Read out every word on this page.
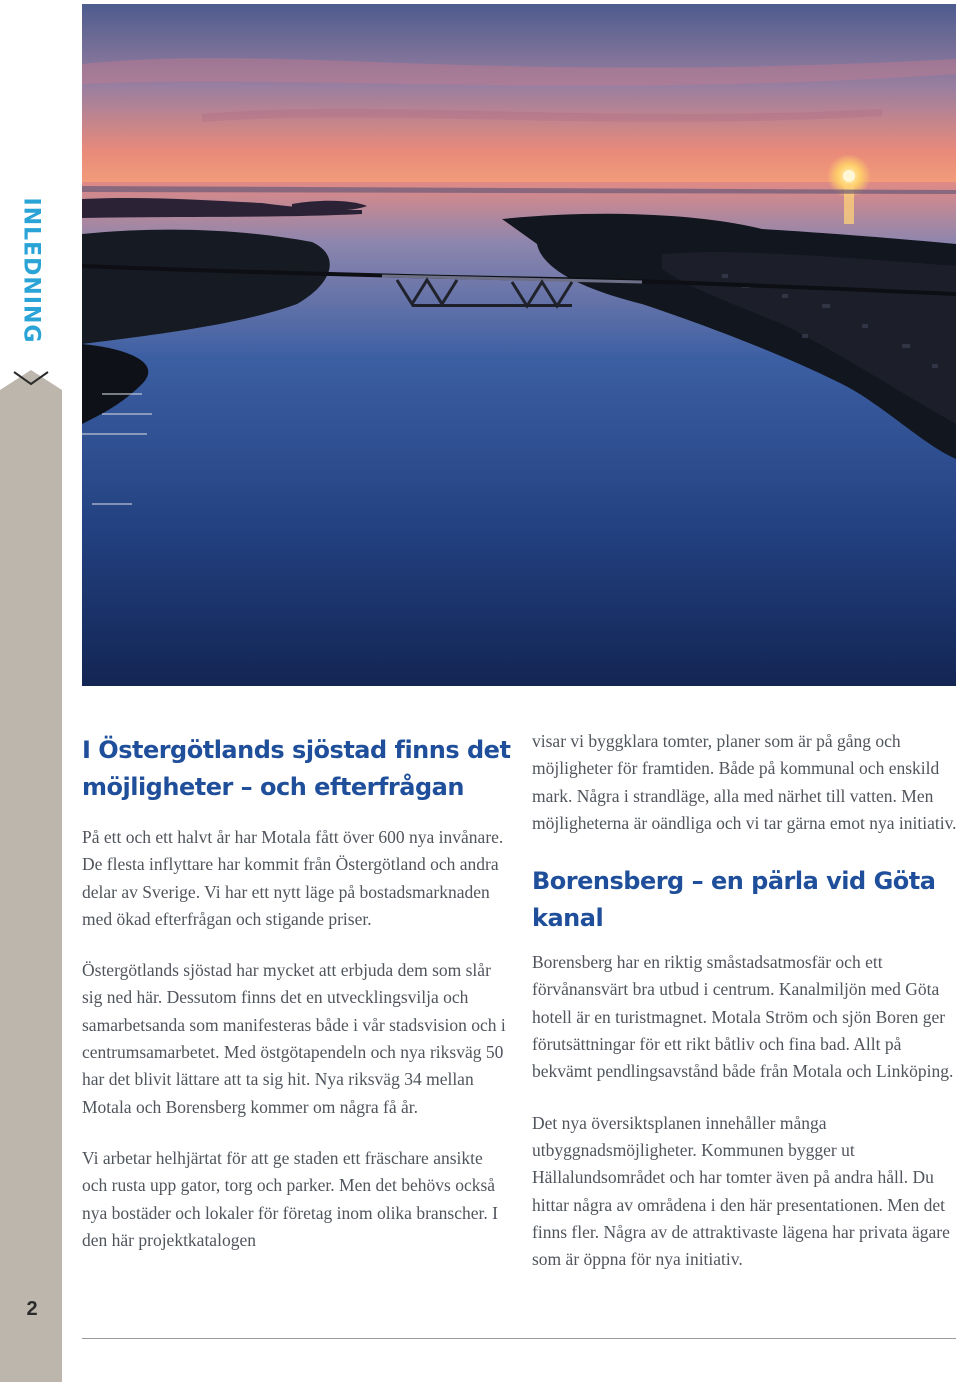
INLEDNING
2
I Östergötlands sjöstad finns det möjligheter – och efterfrågan

På ett och ett halvt år har Motala fått över 600 nya invånare. De flesta inflyttare har kommit från Östergötland och andra delar av Sverige. Vi har ett nytt läge på bostadsmarknaden med ökad efterfrågan och stigande priser.

Östergötlands sjöstad har mycket att erbjuda dem som slår sig ned här. Dessutom finns det en utvecklingsvilja och samarbetsanda som manifesteras både i vår stadsvision och i centrumsamarbetet. Med östgötapendeln och nya riksväg 50 har det blivit lättare att ta sig hit. Nya riksväg 34 mellan Motala och Borensberg kommer om några få år.

Vi arbetar helhjärtat för att ge staden ett fräschare ansikte och rusta upp gator, torg och parker. Men det behövs också nya bostäder och lokaler för företag inom olika branscher. I den här projektkatalogen

visar vi byggklara tomter, planer som är på gång och möjligheter för framtiden. Både på kommunal och enskild mark. Några i strandläge, alla med närhet till vatten. Men möjligheterna är oändliga och vi tar gärna emot nya initiativ.

Borensberg – en pärla vid Göta kanal

Borensberg har en riktig småstadsatmosfär och ett förvånansvärt bra utbud i centrum. Kanalmiljön med Göta hotell är en turistmagnet. Motala Ström och sjön Boren ger förutsättningar för ett rikt båtliv och fina bad. Allt på bekvämt pendlingsavstånd både från Motala och Linköping.

Det nya översiktsplanen innehåller många utbyggnadsmöjligheter. Kommunen bygger ut Hällalundsområdet och har tomter även på andra håll. Du hittar några av områdena i den här presentationen. Men det finns fler. Några av de attraktivaste lägena har privata ägare som är öppna för nya initiativ.
